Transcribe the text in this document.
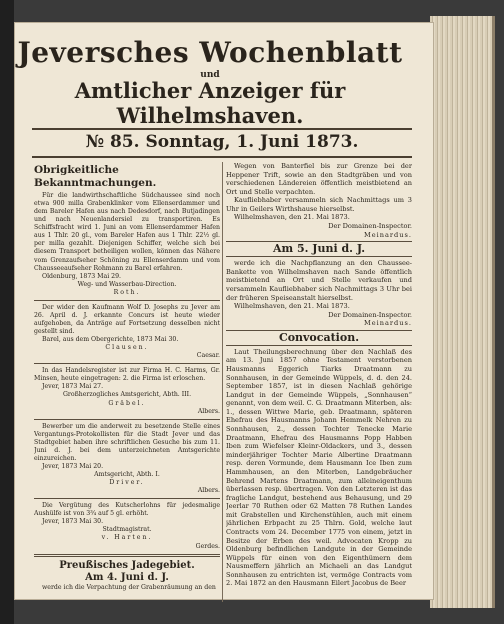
Jeversches Wochenblatt
und
Amtlicher Anzeiger für Wilhelmshaven.
№ 85. Sonntag, 1. Juni 1873.
Obrigkeitliche Bekanntmachungen.

Für die landwirthschaftliche Südchaussee sind noch etwa 900 milla Grabenklinker vom Ellenserdammer und dem Bareler Hafen aus nach Dedesdorf, nach Butjadingen und nach Neuenlandersiel zu transportiren. Es Schiffsfracht wird 1. Juni an vom Ellenserdammer Hafen aus 1 Thlr. 20 gl., vom Bareler Hafen aus 1 Thlr. 22½ gl. per milla gezahlt. Diejenigen Schiffer, welche sich bei diesem Transport betheiligen wollen, können das Nähere vom Grenzaufseher Schöning zu Ellenserdamm und vom Chausseeaufseher Rohmann zu Barel erfahren.

Oldenburg, 1873 Mai 29.

Weg- und Wasserbau-Direction.

Roth.

Der wider den Kaufmann Wolf D. Josephs zu Jever am 26. April d. J. erkannte Concurs ist heute wieder aufgehoben, da Anträge auf Fortsetzung desselben nicht gestellt sind.

Barel, aus dem Obergerichte, 1873 Mai 30.

Clausen.

Caesar.

In das Handelsregister ist zur Firma H. C. Harms, Gr. Minsen, heute eingetragen: 2. die Firma ist erloschen.

Jever, 1873 Mai 27.

Großherzogliches Amtsgericht, Abth. III.

Gräbel.

Albers.

Bewerber um die anderweit zu besetzende Stelle eines Vergantungs-Protokollisten für die Stadt Jever und das Stadtgebiet haben ihre schriftlichen Gesuche bis zum 11. Juni d. J. bei dem unterzeichneten Amtsgerichte einzureichen.

Jever, 1873 Mai 20.

Amtsgericht, Abth. I.

Driver.

Albers.

Die Vergütung des Kutscherlohns für jedesmalige Aushülfe ist von 3¾ auf 5 gl. erhöht.

Jever, 1873 Mai 30.

Stadtmagistrat.

v. Harten.

Gerdes.

Preußisches Jadegebiet.
Am 4. Juni d. J.

werde ich die Verpachtung der Grabenräumung an den

Wegen von Banterfiel bis zur Grenze bei der Heppener Trift, sowie an den Stadtgräben und von verschiedenen Ländereien öffentlich meistbietend an Ort und Stelle verpachten.

Kaufliebhaber versammeln sich Nachmittags um 3 Uhr in Geilers Wirthshause hierselbst.

Wilhelmshaven, den 21. Mai 1873.

Der Domainen-Inspector.

Meinardus.

Am 5. Juni d. J.

werde ich die Nachpflanzung an den Chaussee-Bankette von Wilhelmshaven nach Sande öffentlich meistbietend an Ort und Stelle verkaufen und versammeln Kaufliebhaber sich Nachmittags 3 Uhr bei der früheren Speiseanstalt hierselbst.

Wilhelmshaven, den 21. Mai 1873.

Der Domainen-Inspector.

Meinardus.

Convocation.

Laut Theilungsberechnung über den Nachlaß des am 13. Juni 1857 ohne Testament verstorbenen Hausmanns Eggerich Tiarks Draatmann zu Sonnhausen, in der Gemeinde Wüppels, d. d. den 24. September 1857, ist in diesen Nachlaß gehörige Landgut in der Gemeinde Wüppels, „Sonnhausen“ genannt, von dem weil. C. G. Draatmann Miterben, als: 1., dessen Wittwe Marie, geb. Draatmann, späteren Ehefrau des Hausmanns Johann Hemmelk Nehren zu Sonnhausen, 2., dessen Tochter Tenecke Marie Draatmann, Ehefrau des Hausmanns Popp Habben Iben zum Wiefelser Kleinr-Oldackers, und 3., dessen minderjähriger Tochter Marie Albertine Draatmann resp. deren Vormunde, dem Hausmann Ice Iben zum Hammhausen, an den Miterben, Landgebräucher Behrend Martens Draatmann, zum alleineigenthum überlassen resp. übertragen. Von den Letzteren ist das fragliche Landgut, bestehend aus Behausung, und 29 Jeerlar 70 Ruthen oder 62 Matten 78 Ruthen Landes mit Grabstellen und Kirchenstühlen, auch mit einem jährlichen Erbpacht zu 25 Thlrn. Gold, welche laut Contracts vom 24. December 1775 von einem, jetzt in Besitze der Erben des weil. Advocaten Kropp zu Oldenburg befindlichen Landgute in der Gemeinde Wüppels für einen von den Eigenthümern dem Nausmeffern jährlich an Michaeli an das Landgut Sonnhausen zu entrichten ist, vermöge Contracts vom 2. Mai 1872 an den Hausmann Eilert Jacobus de Beer
